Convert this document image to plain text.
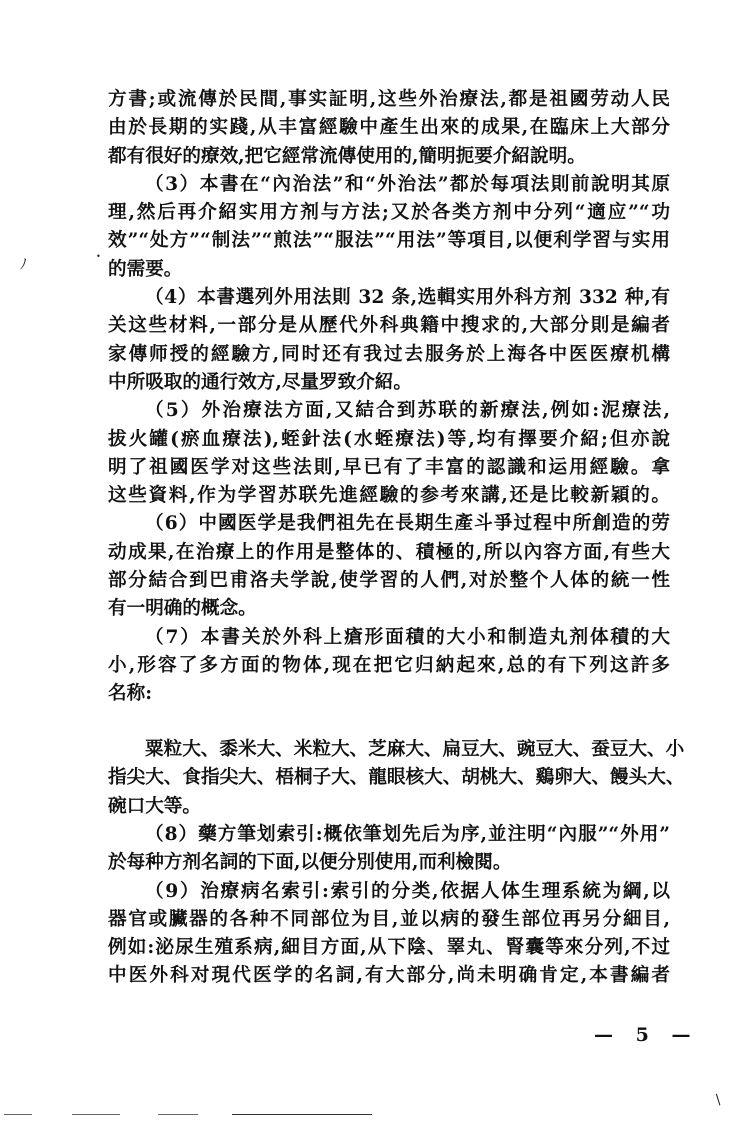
方書;或流傳於民間,事实証明,这些外治療法,都是祖國劳动人民
由於長期的实踐,从丰富經驗中產生出來的成果,在臨床上大部分
都有很好的療效,把它經常流傳使用的,簡明扼要介紹說明。
（3）本書在“內治法”和“外治法”都於每項法則前說明其原
理,然后再介紹实用方剂与方法;又於各类方剂中分列“適应”“功
效”“处方”“制法”“煎法”“服法”“用法”等項目,以便利学習与实用
的需要。
（4）本書選列外用法則 32 条,选輯实用外科方剂 332 种,有
关这些材料,一部分是从歷代外科典籍中搜求的,大部分則是編者
家傳师授的經驗方,同时还有我过去服务於上海各中医医療机構
中所吸取的通行效方,尽量罗致介紹。
（5）外治療法方面,又結合到苏联的新療法,例如:泥療法,
拔火罐(瘀血療法),蛭針法(水蛭療法)等,均有擇要介紹;但亦說
明了祖國医学对这些法則,早已有了丰富的認識和运用經驗。拿
这些資料,作为学習苏联先進經驗的参考來講,还是比較新穎的。
（6）中國医学是我們祖先在長期生產斗爭过程中所創造的劳
动成果,在治療上的作用是整体的、積極的,所以內容方面,有些大
部分結合到巴甫洛夫学說,使学習的人們,对於整个人体的統一性
有一明确的概念。
（7）本書关於外科上瘡形面積的大小和制造丸剂体積的大
小,形容了多方面的物体,现在把它归納起來,总的有下列这許多
名称:
粟粒大、黍米大、米粒大、芝麻大、扁豆大、豌豆大、蚕豆大、小
指尖大、食指尖大、梧桐子大、龍眼核大、胡桃大、鷄卵大、饅头大、
碗口大等。
（8）藥方筆划索引:概依筆划先后为序,並注明“內服”“外用”
於每种方剂名詞的下面,以便分別使用,而利檢閱。
（9）治療病名索引:索引的分类,依据人体生理系統为綱,以
器官或臟器的各种不同部位为目,並以病的發生部位再另分細目,
例如:泌尿生殖系病,細目方面,从下陰、睪丸、腎囊等來分列,不过
中医外科对現代医学的名詞,有大部分,尚未明确肯定,本書編者
— 5 —
ﾉ
•
/
